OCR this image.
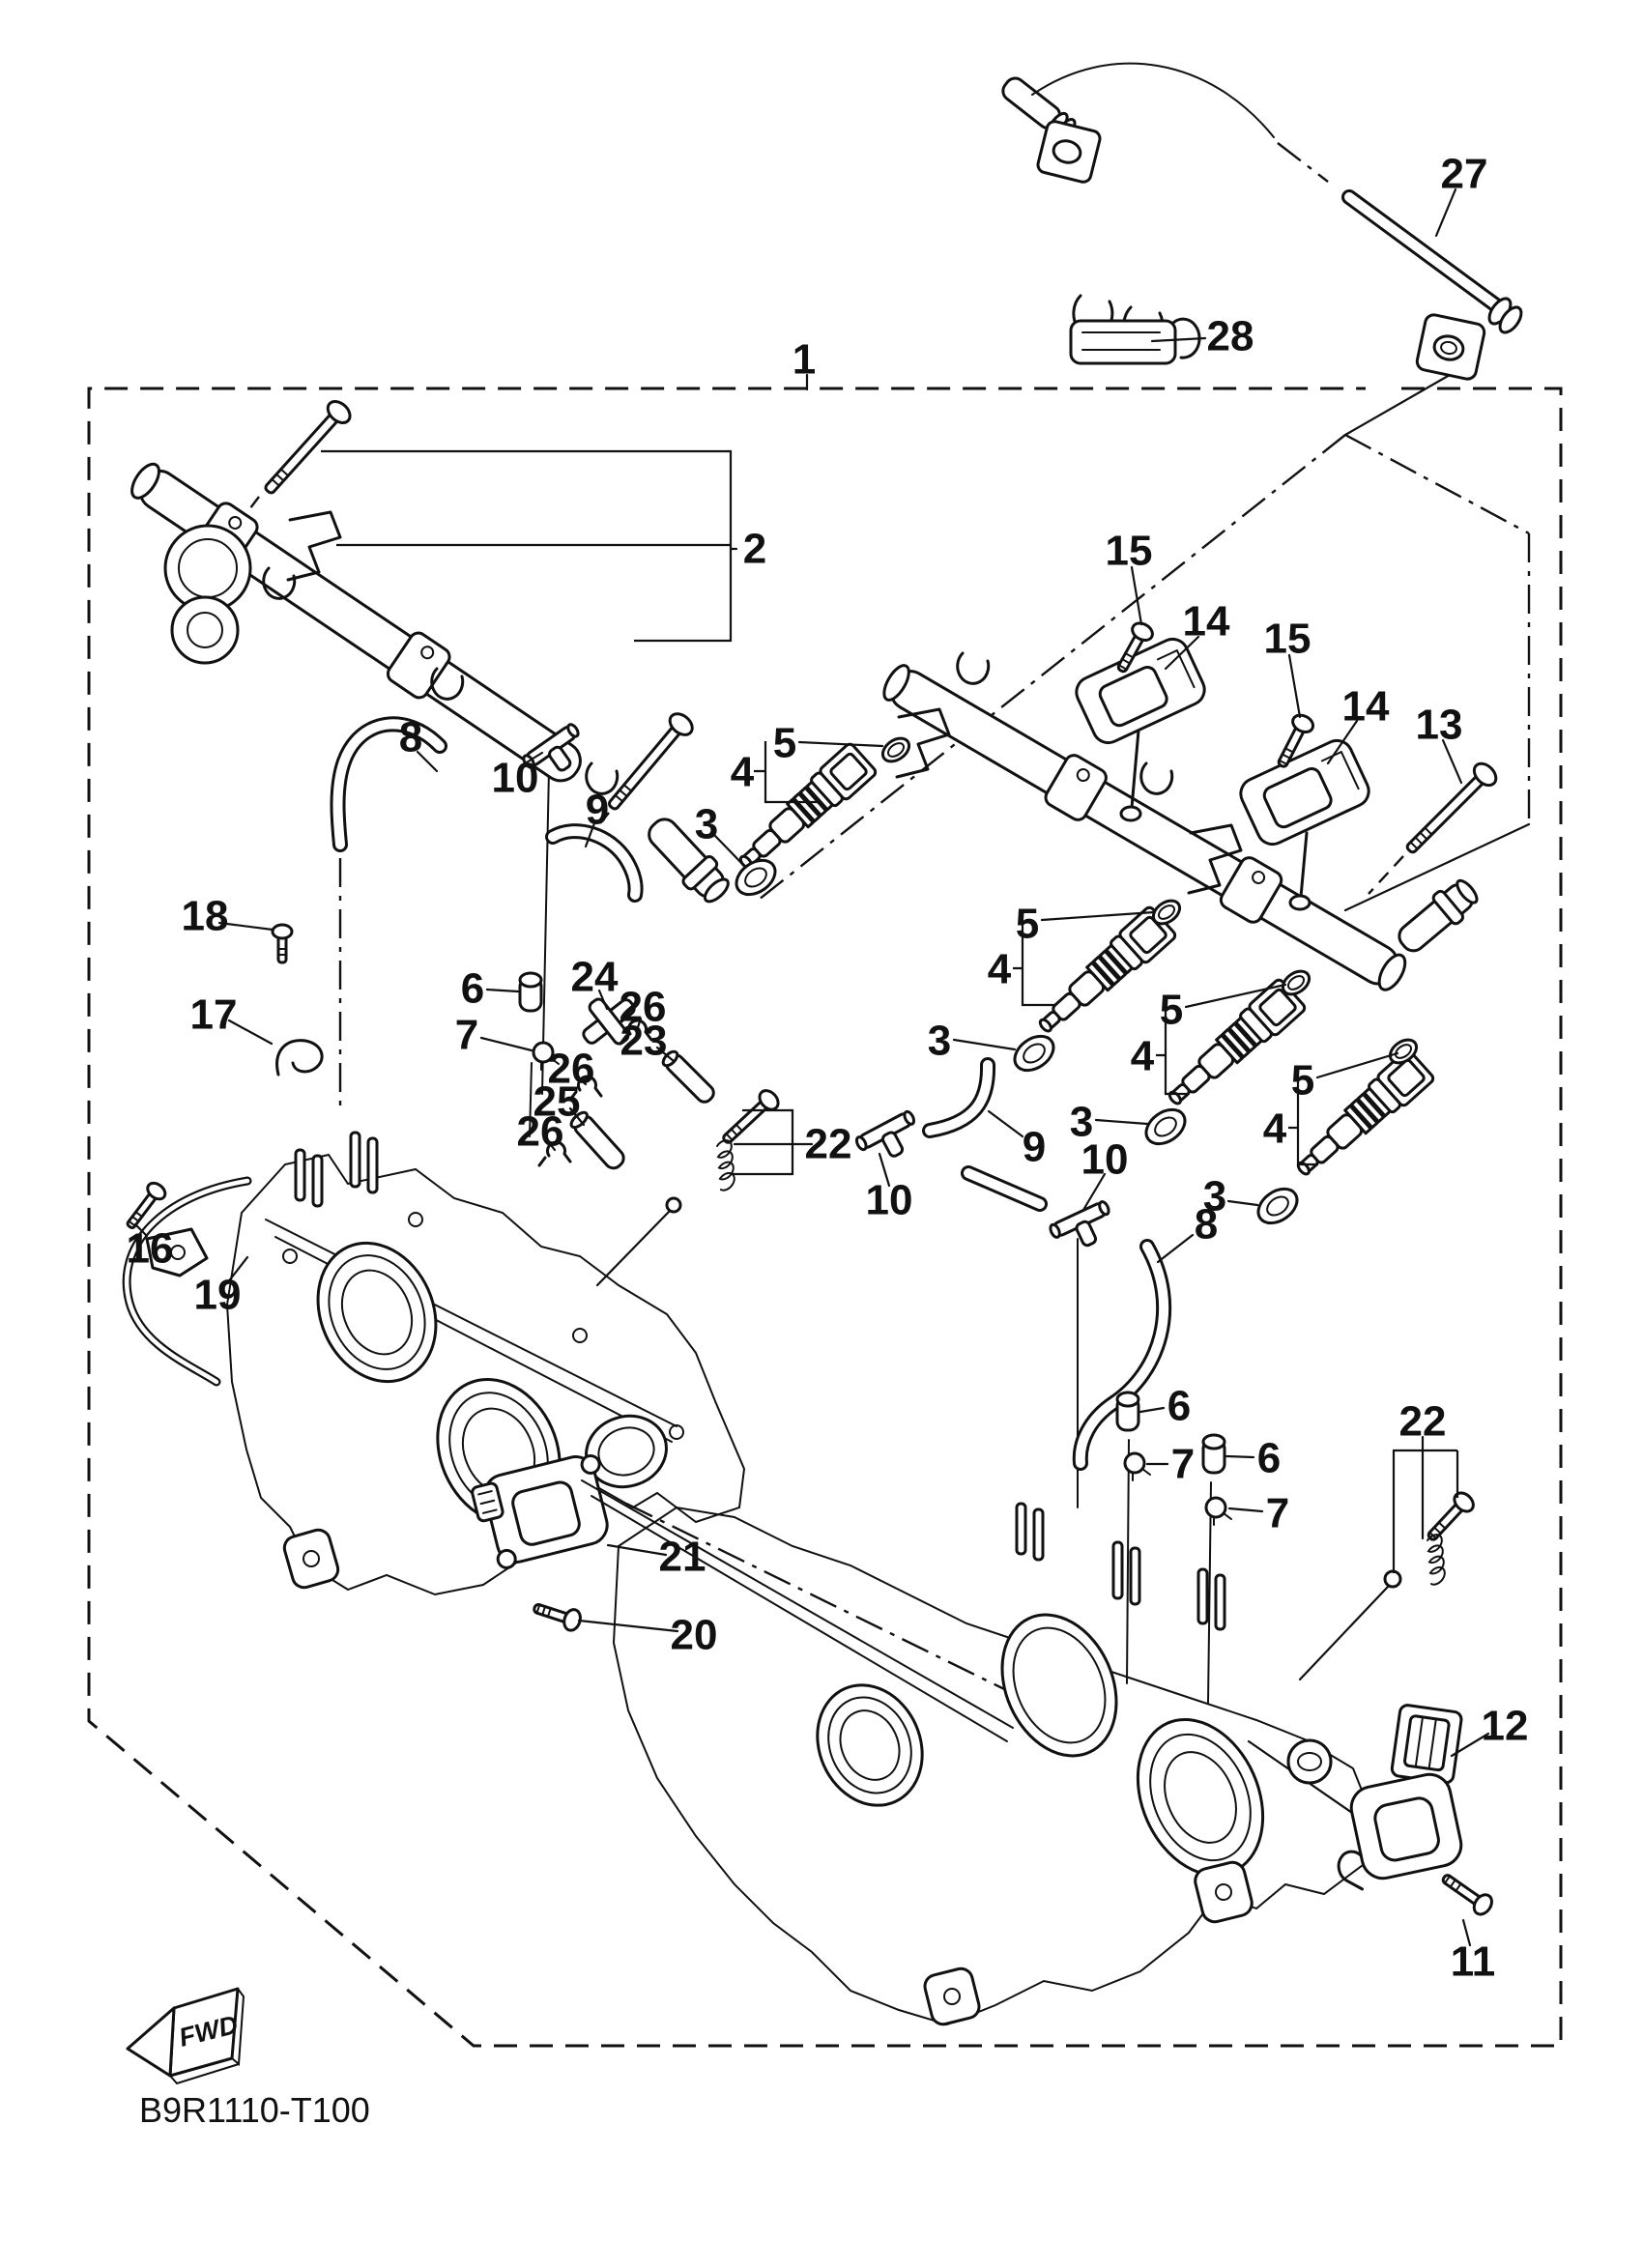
FWD
B9R1110-T100
1
2
27
28
15
14 15
14 13
5
4
3
5
4
3
5
4
3
5
4
3
8
10
9
18
17
6
7
24
26
23
26
25
26
16
19
22
10
9 10
8
6
7 6
7
22
21
20
12
11
